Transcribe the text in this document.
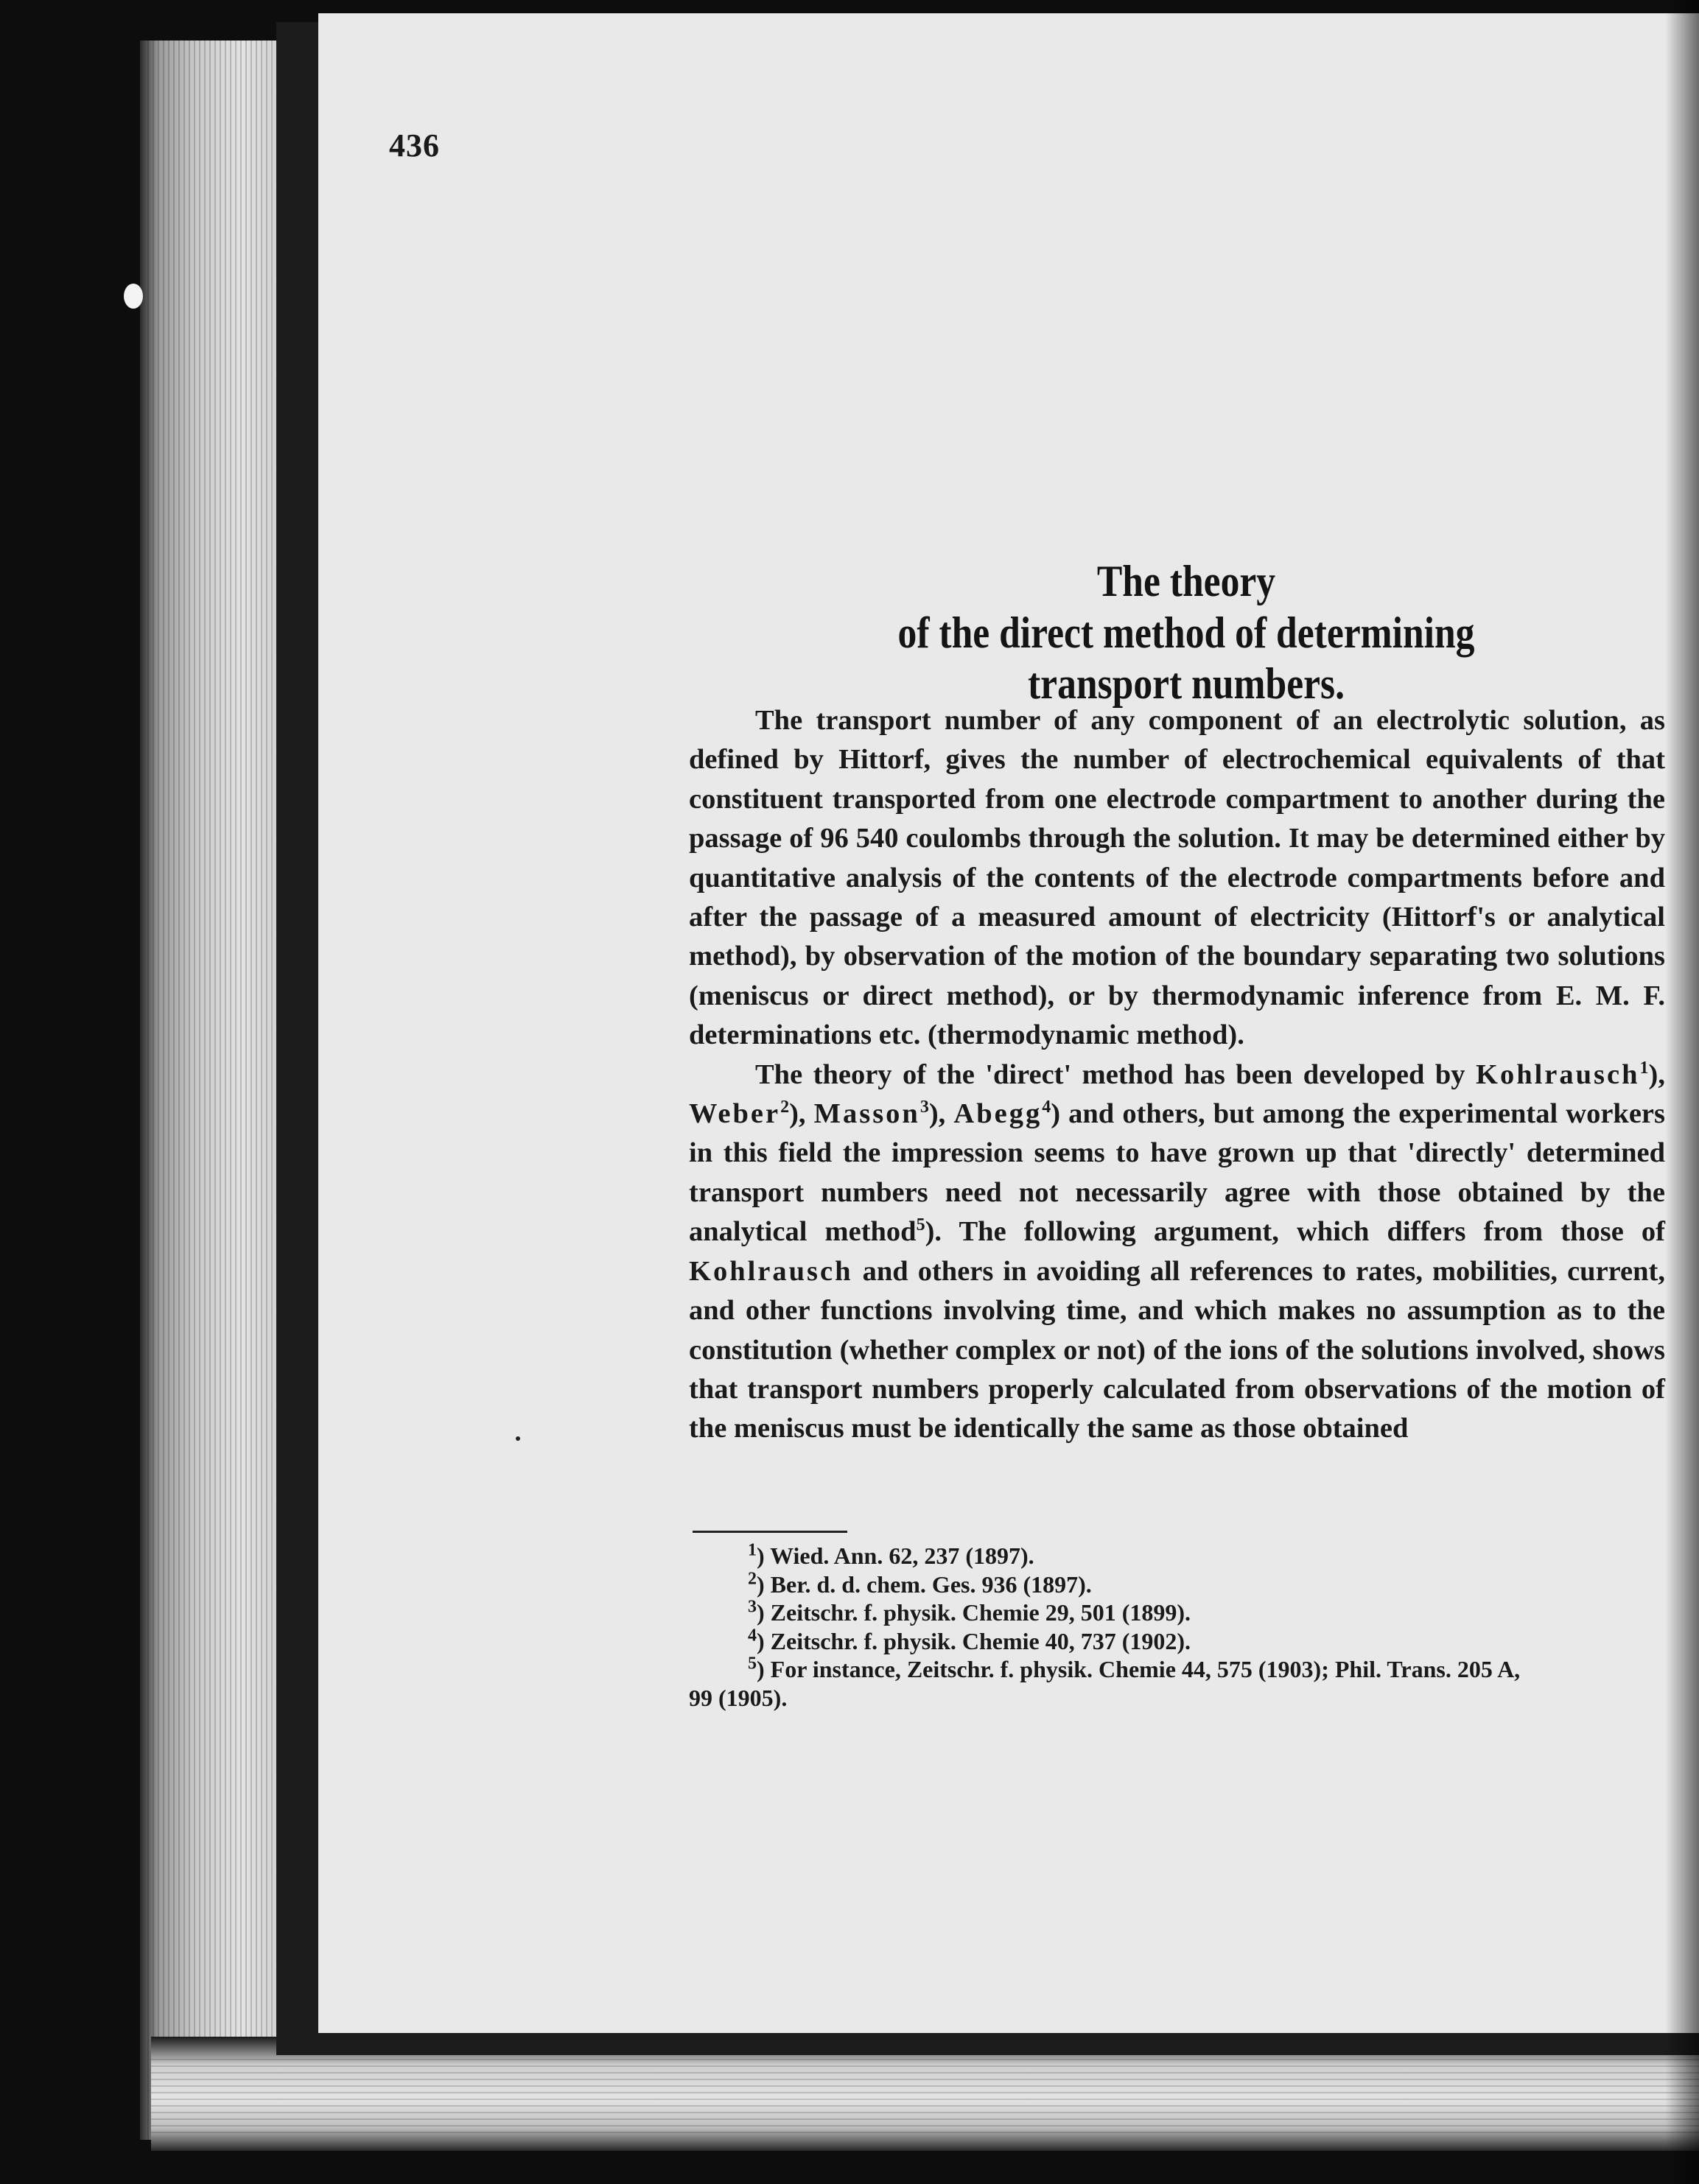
436
The theory
of the direct method of determining transport numbers.

The transport number of any component of an electrolytic solution, as defined by Hittorf, gives the number of electrochemical equivalents of that constituent transported from one electrode compartment to another during the passage of 96 540 coulombs through the solution. It may be determined either by quantitative analysis of the contents of the electrode compartments before and after the passage of a measured amount of electricity (Hittorf's or analytical method), by observation of the motion of the boundary separating two solutions (meniscus or direct method), or by thermodynamic inference from E. M. F. determinations etc. (thermodynamic method).

The theory of the 'direct' method has been developed by Kohlrausch$^1$), Weber$^2$), Masson$^3$), Abegg$^4$) and others, but among the experimental workers in this field the impression seems to have grown up that 'directly' determined transport numbers need not necessarily agree with those obtained by the analytical method$^5$). The following argument, which differs from those of Kohlrausch and others in avoiding all references to rates, mobilities, current, and other functions involving time, and which makes no assumption as to the constitution (whether complex or not) of the ions of the solutions involved, shows that transport numbers properly calculated from observations of the motion of the meniscus must be identically the same as those obtained

$^1$) Wied. Ann. 62, 237 (1897).
$^2$) Ber. d. d. chem. Ges. 936 (1897).
$^3$) Zeitschr. f. physik. Chemie 29, 501 (1899).
$^4$) Zeitschr. f. physik. Chemie 40, 737 (1902).
$^5$) For instance, Zeitschr. f. physik. Chemie 44, 575 (1903); Phil. Trans. 205 A,
99 (1905).
